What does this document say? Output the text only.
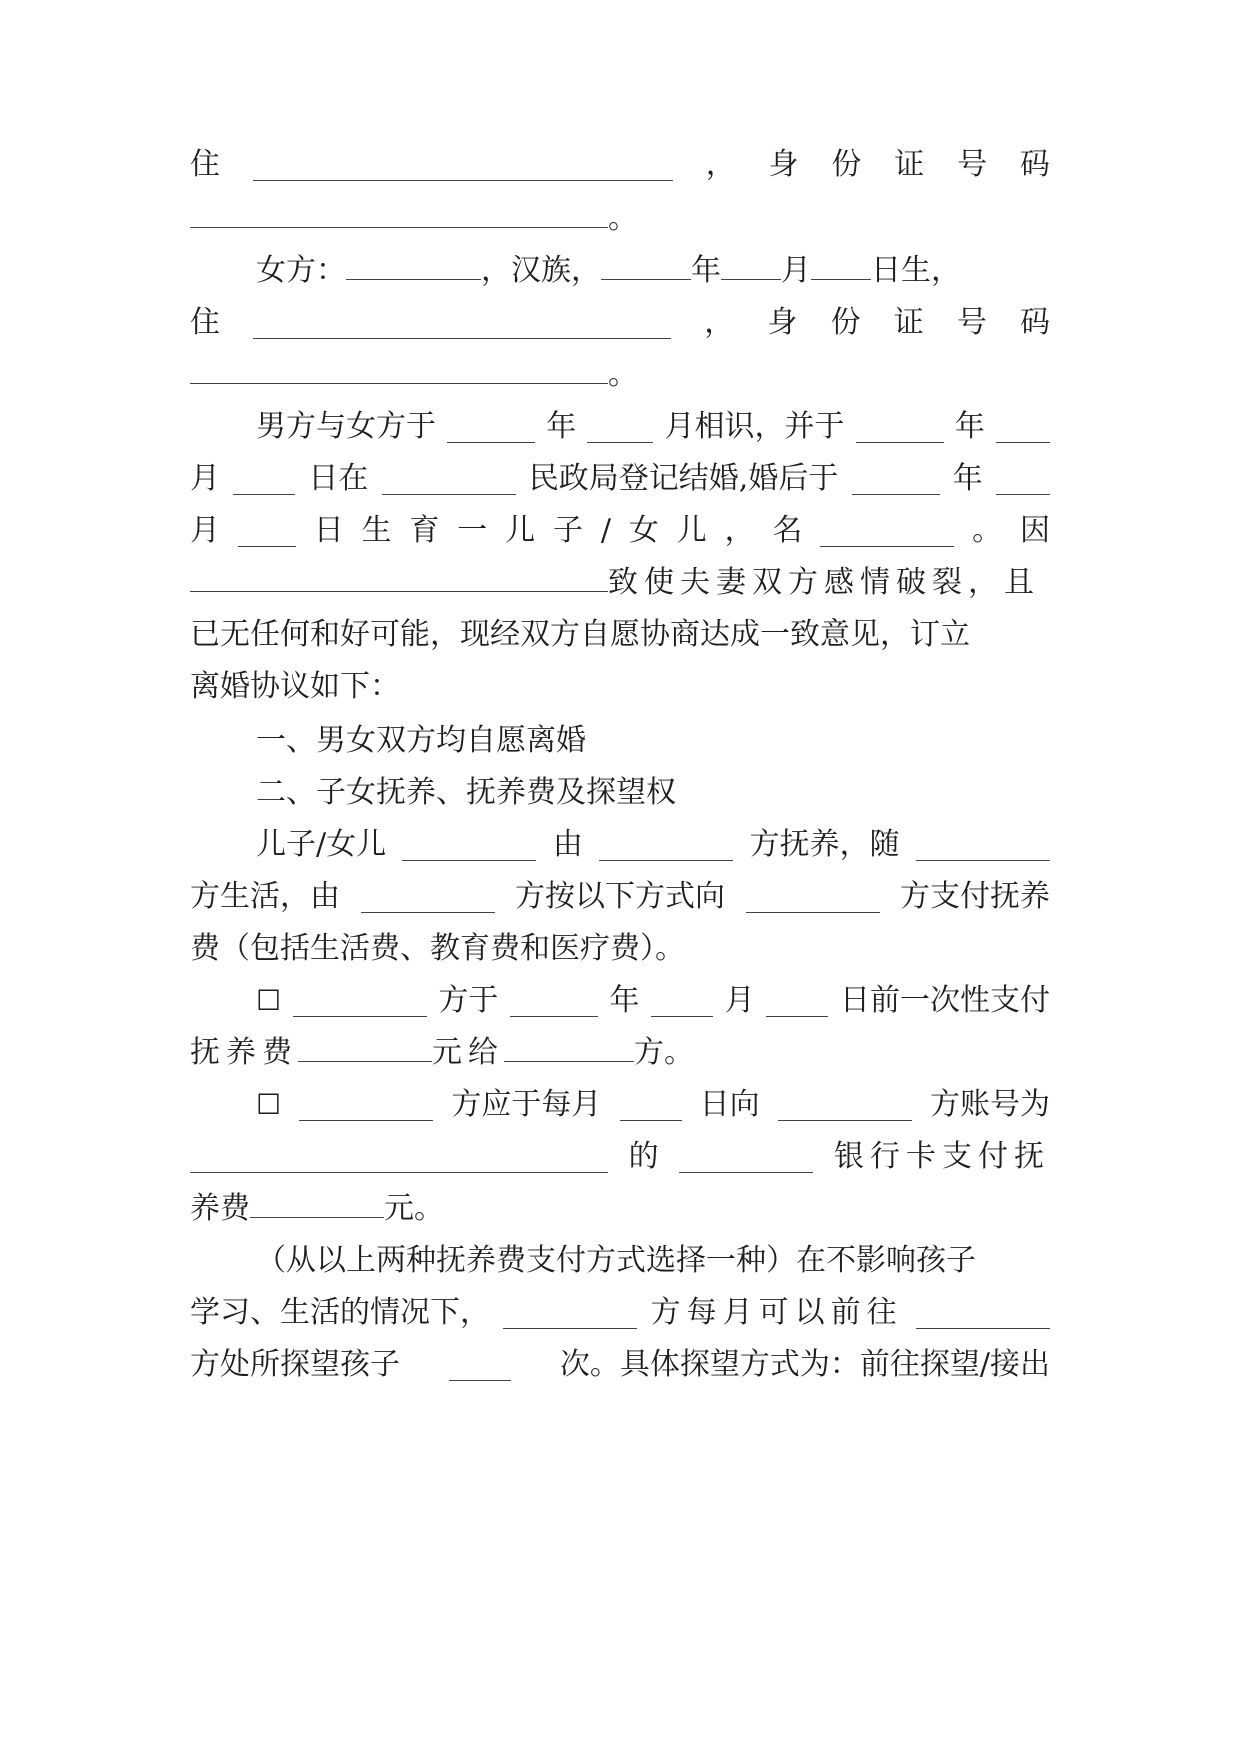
住	， 身 份 证 号 码
。
女方：	，汉族，	年 月 日生，
住	， 身 份 证 号 码
。
男方与女方于	年	月相识，并于	年
月	日在	民政局登记结婚,婚后于	年
月	日 生 育 一 儿 子 / 女 儿 ， 名	。 因
致使夫妻双方感情破裂，且
已无任何和好可能，现经双方自愿协商达成一致意见，订立
离婚协议如下：
一、男女双方均自愿离婚
二、子女抚养、抚养费及探望权
儿子/女儿	由	方抚养，随
方生活，由	方按以下方式向	方支付抚养
费（包括生活费、教育费和医疗费）。
☐	方于	年	月	日前一次性支付
抚养费	元给	方。
☐	方应于每月	日向	方账号为
的	银行卡支付抚
养费	元。
（从以上两种抚养费支付方式选择一种）在不影响孩子
学习、生活的情况下，	方每月可以前往
方处所探望孩子	次。具体探望方式为：前往探望/接出
